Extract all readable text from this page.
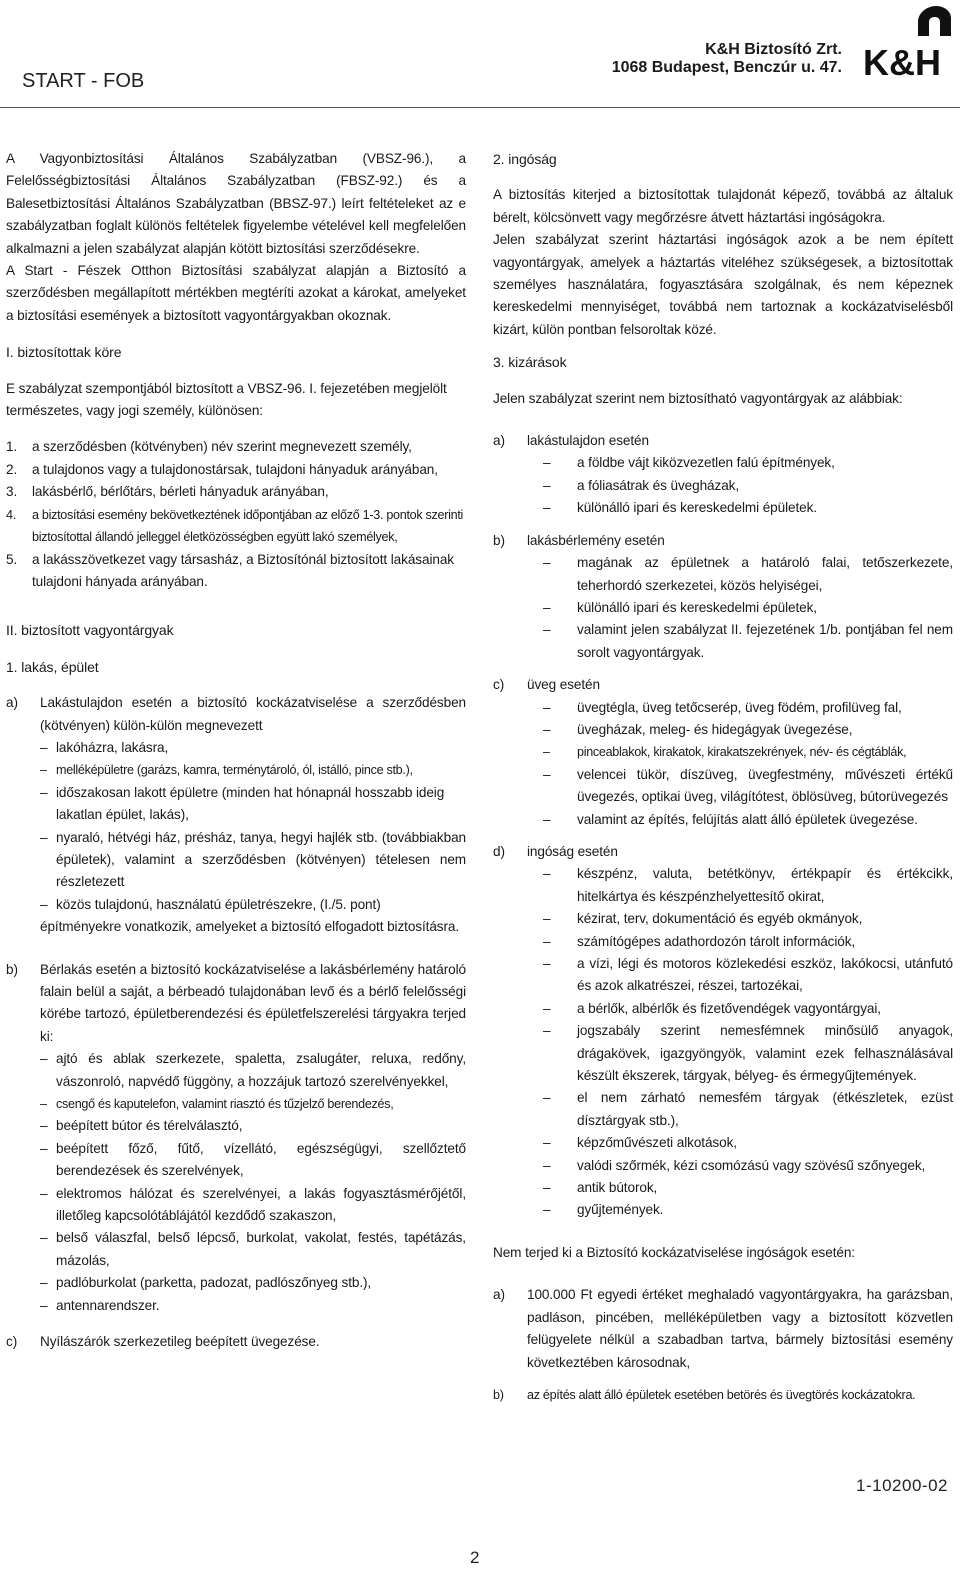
START - FOB
K&H Biztosító Zrt.
1068 Budapest, Benczúr u. 47. K&H

A Vagyonbiztosítási Általános Szabályzatban (VBSZ-96.), a Felelősségbiztosítási Általános Szabályzatban (FBSZ-92.) és a Balesetbiztosítási Általános Szabályzatban (BBSZ-97.) leírt feltételeket az e szabályzatban foglalt különös feltételek figyelembe vételével kell megfelelően alkalmazni a jelen szabályzat alapján kötött biztosítási szerződésekre.

A Start - Fészek Otthon Biztosítási szabályzat alapján a Biztosító a szerződésben megállapított mértékben megtéríti azokat a károkat, amelyeket a biztosítási események a biztosított vagyontárgyakban okoznak.

I. biztosítottak köre

E szabályzat szempontjából biztosított a VBSZ-96. I. fejezetében megjelölt természetes, vagy jogi személy, különösen:

1.	a szerződésben (kötvényben) név szerint megnevezett személy,
2.	a tulajdonos vagy a tulajdonostársak, tulajdoni hányaduk arányában,
3.	lakásbérlő, bérlőtárs, bérleti hányaduk arányában,
4.	a biztosítási esemény bekövetkeztének időpontjában az előző 1-3. pontok szerinti biztosítottal állandó jelleggel életközösségben együtt lakó személyek,
5.	a lakásszövetkezet vagy társasház, a Biztosítónál biztosított lakásainak tulajdoni hányada arányában.

II. biztosított vagyontárgyak

1. lakás, épület

a)	Lakástulajdon esetén a biztosító kockázatviselése a szerződésben (kötvényen) külön-külön megnevezett
– lakóházra, lakásra,
– melléképületre (garázs, kamra, terménytároló, ól, istálló, pince stb.),
– időszakosan lakott épületre (minden hat hónapnál hosszabb ideig lakatlan épület, lakás),
– nyaraló, hétvégi ház, présház, tanya, hegyi hajlék stb. (továbbiakban épületek), valamint a szerződésben (kötvényen) tételesen nem részletezett
– közös tulajdonú, használatú épületrészekre, (I./5. pont)

építményekre vonatkozik, amelyeket a biztosító elfogadott biztosításra.

b)	Bérlakás esetén a biztosító kockázatviselése a lakásbérlemény határoló falain belül a saját, a bérbeadó tulajdonában levő és a bérlő felelősségi körébe tartozó, épületberendezési és épületfelszerelési tárgyakra terjed ki:
– ajtó és ablak szerkezete, spaletta, zsalugáter, reluxa, redőny, vászonroló, napvédő függöny, a hozzájuk tartozó szerelvényekkel,
– csengő és kaputelefon, valamint riasztó és tűzjelző berendezés,
– beépített bútor és térelválasztó,
– beépített főző, fűtő, vízellátó, egészségügyi, szellőztető berendezések és szerelvények,
– elektromos hálózat és szerelvényei, a lakás fogyasztásmérőjétől, illetőleg kapcsolótáblájától kezdődő szakaszon,
– belső válaszfal, belső lépcső, burkolat, vakolat, festés, tapétázás, mázolás,
– padlóburkolat (parketta, padozat, padlószőnyeg stb.),
– antennarendszer.
c)	Nyílászárók szerkezetileg beépített üvegezése.

2. ingóság

A biztosítás kiterjed a biztosítottak tulajdonát képező, továbbá az általuk bérelt, kölcsönvett vagy megőrzésre átvett háztartási ingóságokra.

Jelen szabályzat szerint háztartási ingóságok azok a be nem épített vagyontárgyak, amelyek a háztartás viteléhez szükségesek, a biztosítottak személyes használatára, fogyasztására szolgálnak, és nem képeznek kereskedelmi mennyiséget, továbbá nem tartoznak a kockázatviselésből kizárt, külön pontban felsoroltak közé.

3. kizárások

Jelen szabályzat szerint nem biztosítható vagyontárgyak az alábbiak:

a)	lakástulajdon esetén
–	a földbe vájt kiközvezetlen falú építmények,
–	a fóliasátrak és üvegházak,
–	különálló ipari és kereskedelmi épületek.
b)	lakásbérlemény esetén
–	magának az épületnek a határoló falai, tetőszerkezete, teherhordó szerkezetei, közös helyiségei,
–	különálló ipari és kereskedelmi épületek,
–	valamint jelen szabályzat II. fejezetének 1/b. pontjában fel nem sorolt vagyontárgyak.
c)	üveg esetén
–	üvegtégla, üveg tetőcserép, üveg födém, profilüveg fal,
–	üvegházak, meleg- és hidegágyak üvegezése,
–	pinceablakok, kirakatok, kirakatszekrények, név- és cégtáblák,
–	velencei tükör, díszüveg, üvegfestmény, művészeti értékű üvegezés, optikai üveg, világítótest, öblösüveg, bútorüvegezés
–	valamint az építés, felújítás alatt álló épületek üvegezése.
d)	ingóság esetén
–	készpénz, valuta, betétkönyv, értékpapír és értékcikk, hitelkártya és készpénzhelyettesítő okirat,
–	kézirat, terv, dokumentáció és egyéb okmányok,
–	számítógépes adathordozón tárolt információk,
–	a vízi, légi és motoros közlekedési eszköz, lakókocsi, utánfutó és azok alkatrészei, részei, tartozékai,
–	a bérlők, albérlők és fizetővendégek vagyontárgyai,
–	jogszabály szerint nemesfémnek minősülő anyagok, drágakövek, igazgyöngyök, valamint ezek felhasználásával készült ékszerek, tárgyak, bélyeg- és érmegyűjtemények.
–	el nem zárható nemesfém tárgyak (étkészletek, ezüst dísztárgyak stb.),
–	képzőművészeti alkotások,
–	valódi szőrmék, kézi csomózású vagy szövésű szőnyegek,
–	antik bútorok,
–	gyűjtemények.

Nem terjed ki a Biztosító kockázatviselése ingóságok esetén:

a)	100.000 Ft egyedi értéket meghaladó vagyontárgyakra, ha garázsban, padláson, pincében, melléképületben vagy a biztosított közvetlen felügyelete nélkül a szabadban tartva, bármely biztosítási esemény következtében károsodnak,
b)	az építés alatt álló épületek esetében betörés és üvegtörés kockázatokra.
1-10200-02
2
